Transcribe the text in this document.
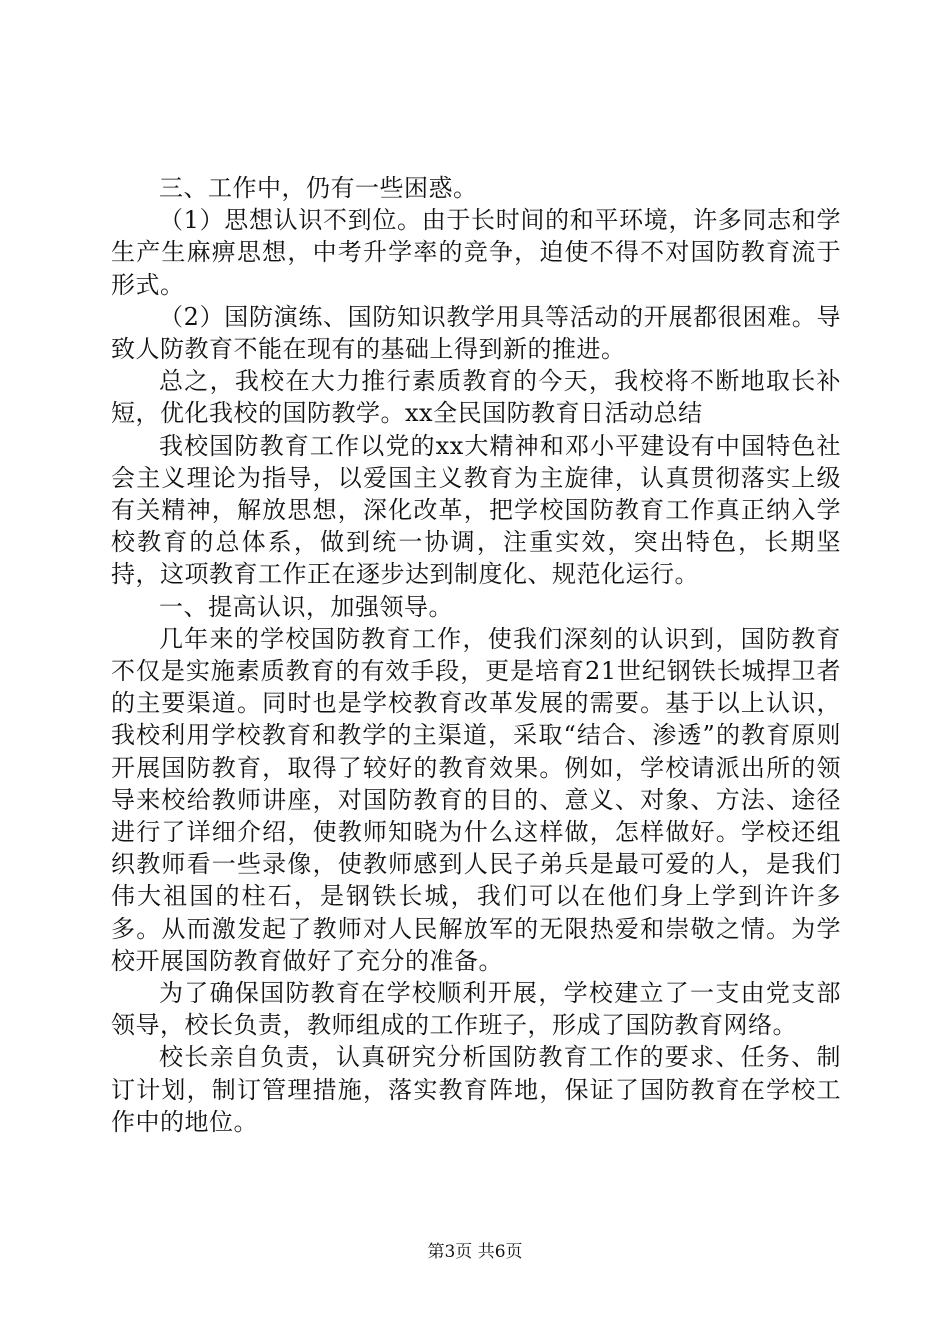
三、工作中，仍有一些困惑。

（1）思想认识不到位。由于长时间的和平环境，许多同志和学生产生麻痹思想，中考升学率的竞争，迫使不得不对国防教育流于形式。

（2）国防演练、国防知识教学用具等活动的开展都很困难。导致人防教育不能在现有的基础上得到新的推进。

总之，我校在大力推行素质教育的今天，我校将不断地取长补短，优化我校的国防教学。xx全民国防教育日活动总结

我校国防教育工作以党的xx大精神和邓小平建设有中国特色社会主义理论为指导，以爱国主义教育为主旋律，认真贯彻落实上级有关精神，解放思想，深化改革，把学校国防教育工作真正纳入学校教育的总体系，做到统一协调，注重实效，突出特色，长期坚持，这项教育工作正在逐步达到制度化、规范化运行。

一、提高认识，加强领导。

几年来的学校国防教育工作，使我们深刻的认识到，国防教育不仅是实施素质教育的有效手段，更是培育21世纪钢铁长城捍卫者的主要渠道。同时也是学校教育改革发展的需要。基于以上认识，我校利用学校教育和教学的主渠道，采取“结合、渗透”的教育原则开展国防教育，取得了较好的教育效果。例如，学校请派出所的领导来校给教师讲座，对国防教育的目的、意义、对象、方法、途径进行了详细介绍，使教师知晓为什么这样做，怎样做好。学校还组织教师看一些录像，使教师感到人民子弟兵是最可爱的人，是我们伟大祖国的柱石，是钢铁长城，我们可以在他们身上学到许许多多。从而激发起了教师对人民解放军的无限热爱和崇敬之情。为学校开展国防教育做好了充分的准备。

为了确保国防教育在学校顺利开展，学校建立了一支由党支部领导，校长负责，教师组成的工作班子，形成了国防教育网络。

校长亲自负责，认真研究分析国防教育工作的要求、任务、制订计划，制订管理措施，落实教育阵地，保证了国防教育在学校工作中的地位。

第3页 共6页
